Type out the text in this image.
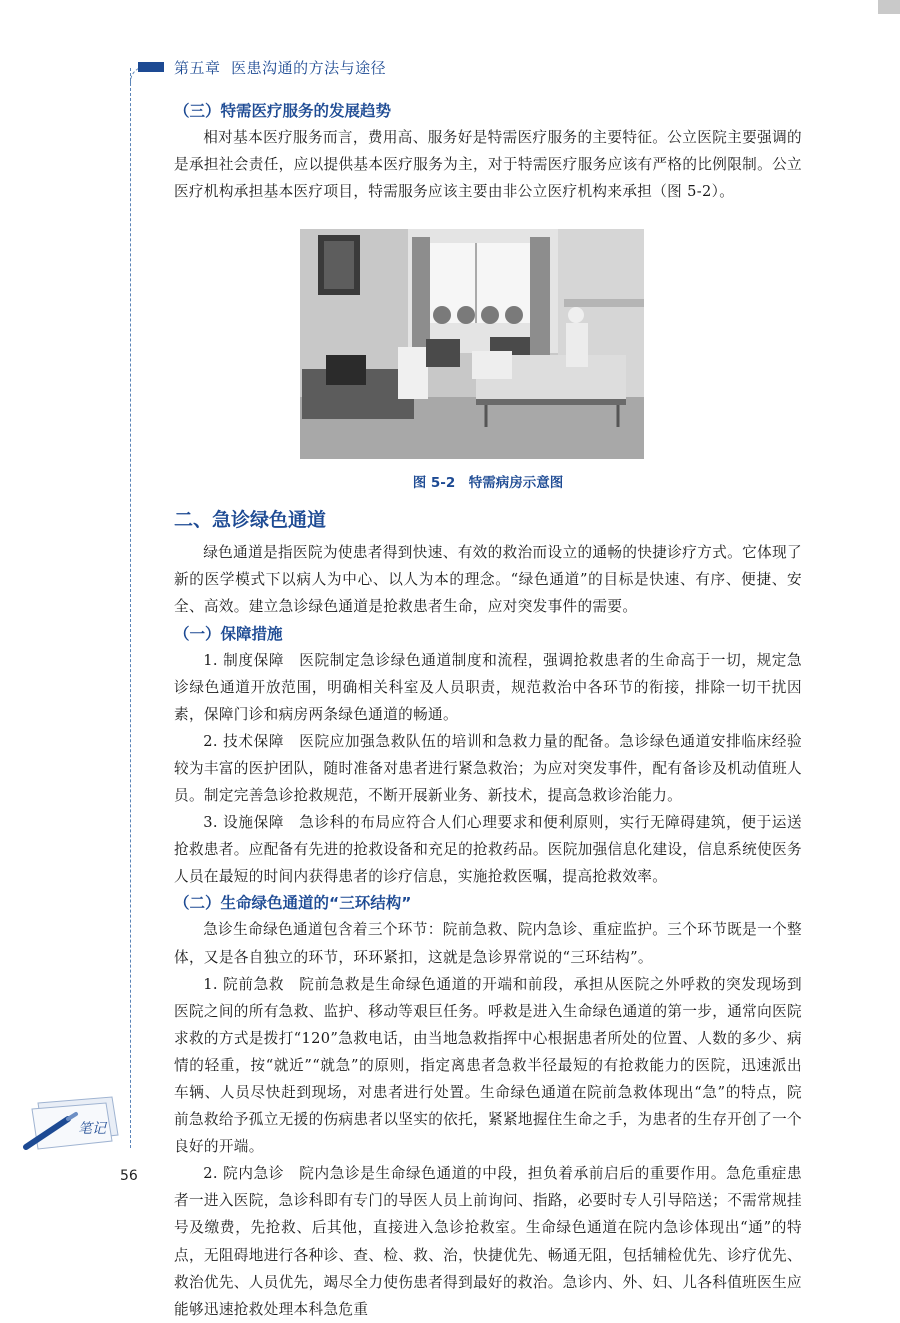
第五章 医患沟通的方法与途径
（三）特需医疗服务的发展趋势

相对基本医疗服务而言，费用高、服务好是特需医疗服务的主要特征。公立医院主要强调的是承担社会责任，应以提供基本医疗服务为主，对于特需医疗服务应该有严格的比例限制。公立医疗机构承担基本医疗项目，特需服务应该主要由非公立医疗机构来承担（图 5-2）。

图 5-2　特需病房示意图
二、急诊绿色通道

绿色通道是指医院为使患者得到快速、有效的救治而设立的通畅的快捷诊疗方式。它体现了新的医学模式下以病人为中心、以人为本的理念。“绿色通道”的目标是快速、有序、便捷、安全、高效。建立急诊绿色通道是抢救患者生命，应对突发事件的需要。

（一）保障措施

1. 制度保障　医院制定急诊绿色通道制度和流程，强调抢救患者的生命高于一切，规定急诊绿色通道开放范围，明确相关科室及人员职责，规范救治中各环节的衔接，排除一切干扰因素，保障门诊和病房两条绿色通道的畅通。

2. 技术保障　医院应加强急救队伍的培训和急救力量的配备。急诊绿色通道安排临床经验较为丰富的医护团队，随时准备对患者进行紧急救治；为应对突发事件，配有备诊及机动值班人员。制定完善急诊抢救规范，不断开展新业务、新技术，提高急救诊治能力。

3. 设施保障　急诊科的布局应符合人们心理要求和便利原则，实行无障碍建筑，便于运送抢救患者。应配备有先进的抢救设备和充足的抢救药品。医院加强信息化建设，信息系统使医务人员在最短的时间内获得患者的诊疗信息，实施抢救医嘱，提高抢救效率。

（二）生命绿色通道的“三环结构”

急诊生命绿色通道包含着三个环节：院前急救、院内急诊、重症监护。三个环节既是一个整体，又是各自独立的环节，环环紧扣，这就是急诊界常说的“三环结构”。

1. 院前急救　院前急救是生命绿色通道的开端和前段，承担从医院之外呼救的突发现场到医院之间的所有急救、监护、移动等艰巨任务。呼救是进入生命绿色通道的第一步，通常向医院求救的方式是拨打“120”急救电话，由当地急救指挥中心根据患者所处的位置、人数的多少、病情的轻重，按“就近”“就急”的原则，指定离患者急救半径最短的有抢救能力的医院，迅速派出车辆、人员尽快赶到现场，对患者进行处置。生命绿色通道在院前急救体现出“急”的特点，院前急救给予孤立无援的伤病患者以坚实的依托，紧紧地握住生命之手，为患者的生存开创了一个良好的开端。

2. 院内急诊　院内急诊是生命绿色通道的中段，担负着承前启后的重要作用。急危重症患者一进入医院，急诊科即有专门的导医人员上前询问、指路，必要时专人引导陪送；不需常规挂号及缴费，先抢救、后其他，直接进入急诊抢救室。生命绿色通道在院内急诊体现出“通”的特点，无阻碍地进行各种诊、查、检、救、治，快捷优先、畅通无阻，包括辅检优先、诊疗优先、救治优先、人员优先，竭尽全力使伤患者得到最好的救治。急诊内、外、妇、儿各科值班医生应能够迅速抢救处理本科急危重

笔记
56
